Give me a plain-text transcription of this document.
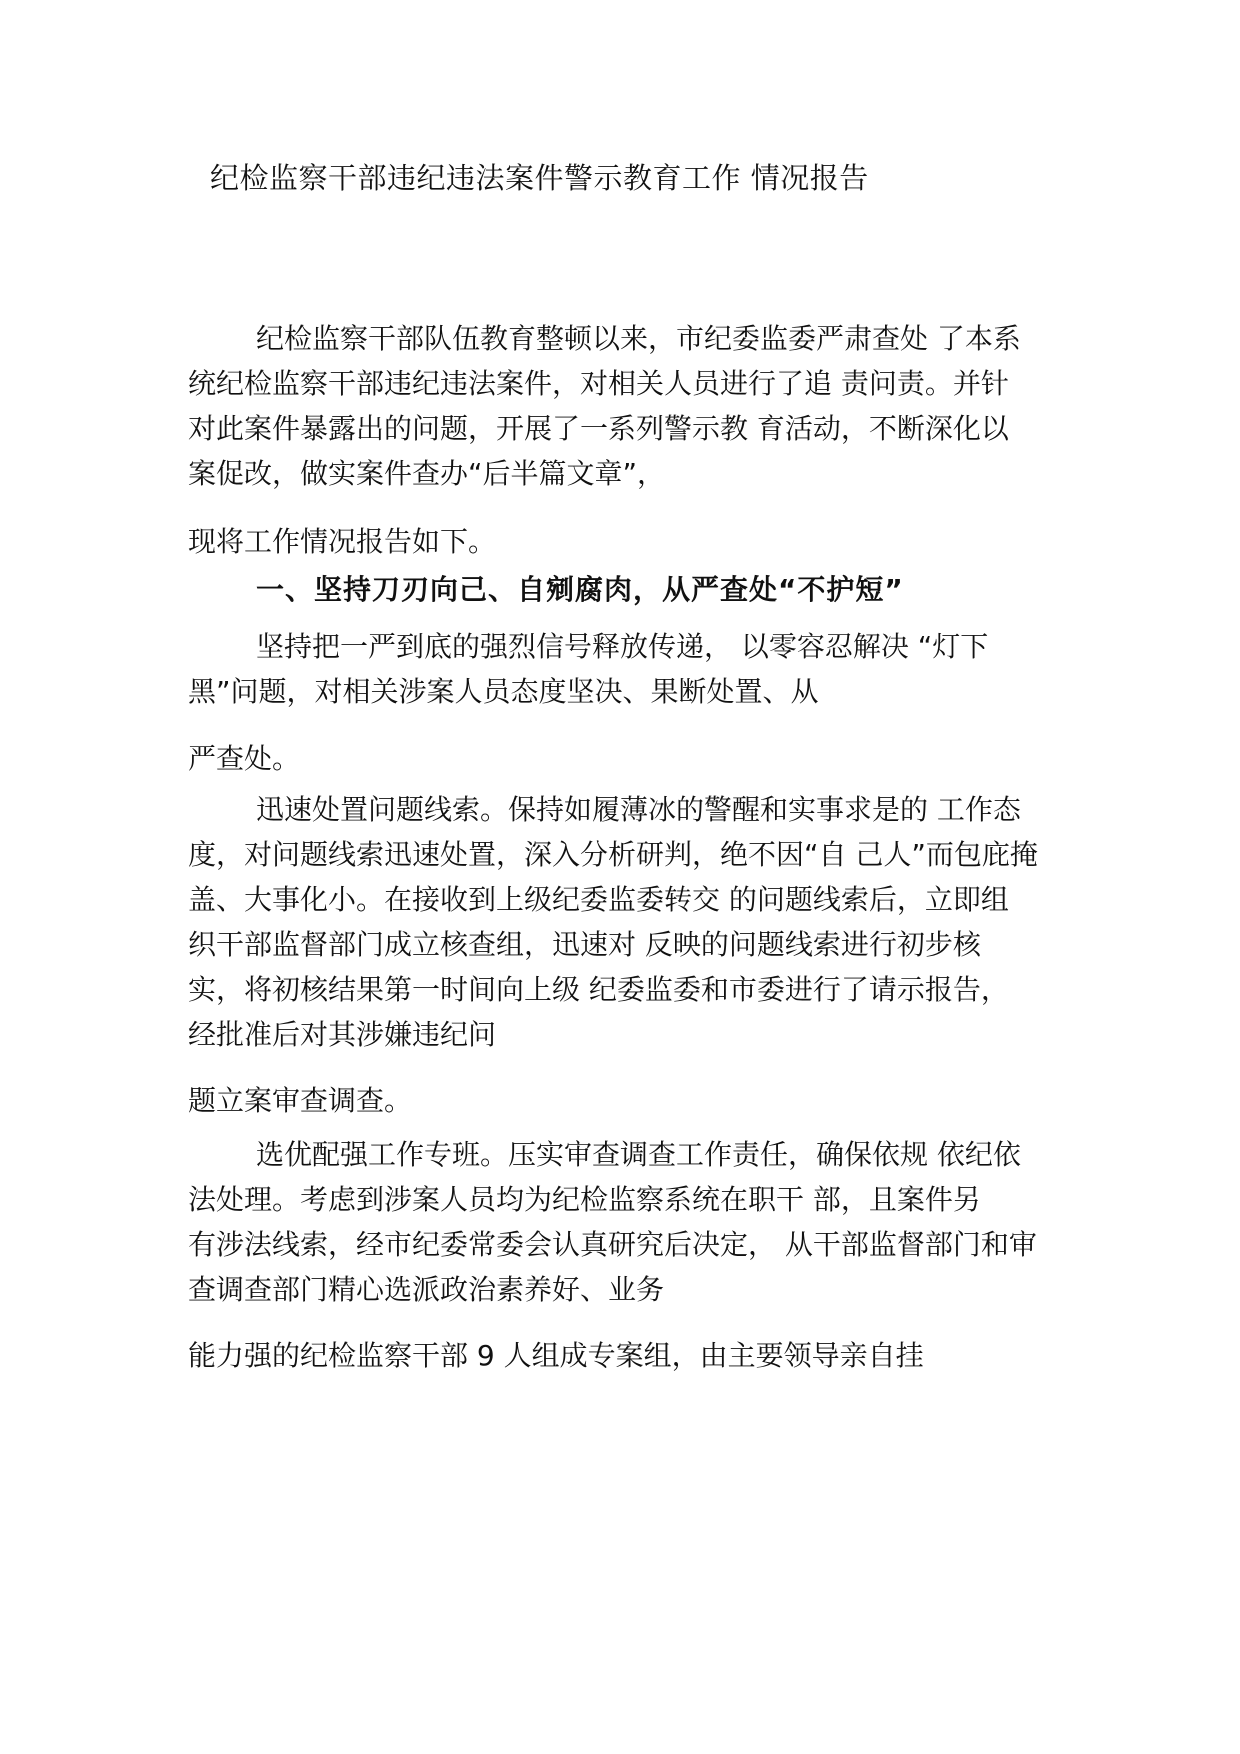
纪检监察干部违纪违法案件警示教育工作 情况报告
纪检监察干部队伍教育整顿以来，市纪委监委严肃查处 了本系
统纪检监察干部违纪违法案件，对相关人员进行了追 责问责。并针
对此案件暴露出的问题，开展了一系列警示教 育活动，不断深化以
案促改，做实案件查办“后半篇文章”，
现将工作情况报告如下。
一、坚持刀刃向己、自剜腐肉，从严查处“不护短”
坚持把一严到底的强烈信号释放传递， 以零容忍解决 “灯下
黑”问题，对相关涉案人员态度坚决、果断处置、从
严查处。
迅速处置问题线索。保持如履薄冰的警醒和实事求是的 工作态
度，对问题线索迅速处置，深入分析研判，绝不因“自 己人”而包庇掩
盖、大事化小。在接收到上级纪委监委转交 的问题线索后，立即组
织干部监督部门成立核查组，迅速对 反映的问题线索进行初步核
实，将初核结果第一时间向上级 纪委监委和市委进行了请示报告，
经批准后对其涉嫌违纪问
题立案审查调查。
选优配强工作专班。压实审查调查工作责任，确保依规 依纪依
法处理。考虑到涉案人员均为纪检监察系统在职干 部，且案件另
有涉法线索，经市纪委常委会认真研究后决定， 从干部监督部门和审
查调查部门精心选派政治素养好、业务
能力强的纪检监察干部 9 人组成专案组，由主要领导亲自挂
